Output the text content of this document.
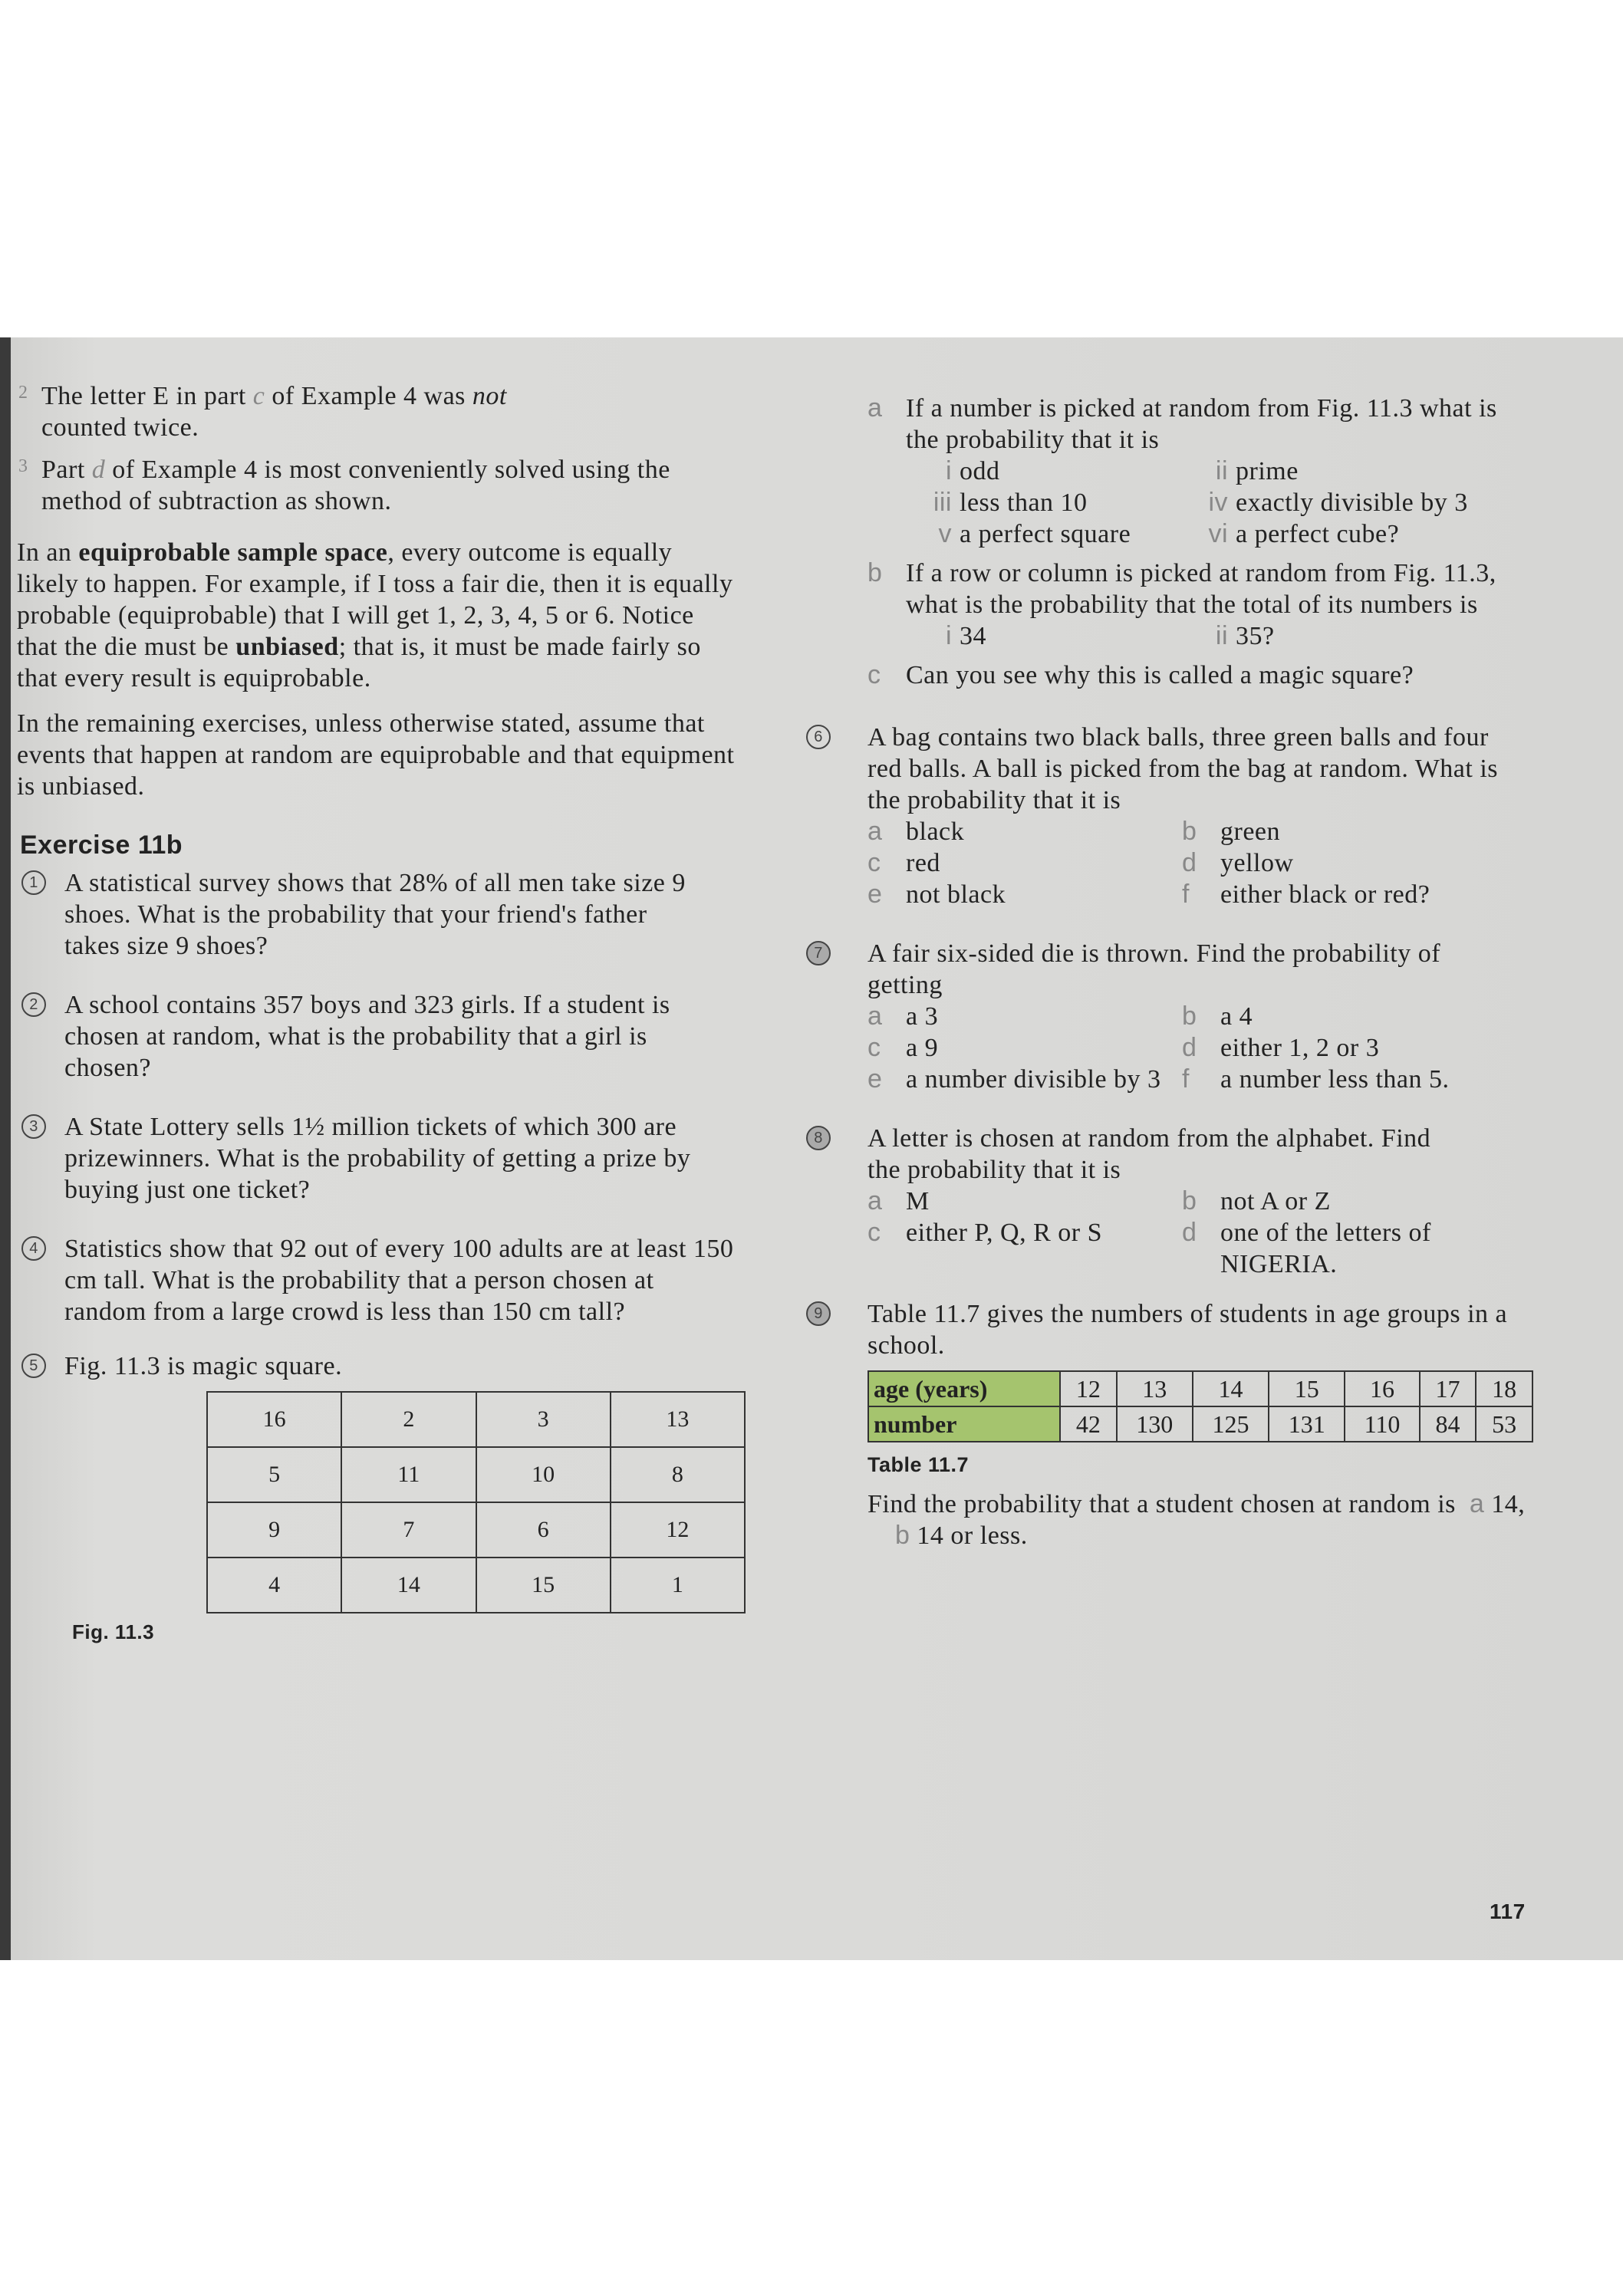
2 The letter E in part c of Example 4 was not
counted twice.
3 Part d of Example 4 is most conveniently solved using the method of subtraction as shown.
In an equiprobable sample space, every outcome is equally likely to happen. For example, if I toss a fair die, then it is equally probable (equiprobable) that I will get 1, 2, 3, 4, 5 or 6. Notice that the die must be unbiased; that is, it must be made fairly so that every result is equiprobable.
In the remaining exercises, unless otherwise stated, assume that events that happen at random are equiprobable and that equipment is unbiased.
Exercise 11b
1 A statistical survey shows that 28% of all men take size 9 shoes. What is the probability that your friend's father takes size 9 shoes?
2 A school contains 357 boys and 323 girls. If a student is chosen at random, what is the probability that a girl is chosen?
3 A State Lottery sells 1½ million tickets of which 300 are prizewinners. What is the probability of getting a prize by buying just one ticket?
4 Statistics show that 92 out of every 100 adults are at least 150 cm tall. What is the probability that a person chosen at random from a large crowd is less than 150 cm tall?
5 Fig. 11.3 is magic square.
16	2	3	13
5	11	10	8
9	7	6	12
4	14	15	1
Fig. 11.3
a If a number is picked at random from Fig. 11.3 what is the probability that it is
i odd	ii prime
iii less than 10	iv exactly divisible by 3
v a perfect square	vi a perfect cube?
b If a row or column is picked at random from Fig. 11.3, what is the probability that the total of its numbers is
i 34	ii 35?
c Can you see why this is called a magic square?
6 A bag contains two black balls, three green balls and four red balls. A ball is picked from the bag at random. What is the probability that it is
a black	b green
c red	d yellow
e not black	f	either black or red?
7 A fair six-sided die is thrown. Find the probability of getting
a a 3	b a 4
c a 9	d either 1, 2 or 3
e a number divisible by 3 f	a number less than 5.
8 A letter is chosen at random from the alphabet. Find the probability that it is
a M	b not A or Z
c either P, Q, R or S	d one of the letters of NIGERIA.
9 Table 11.7 gives the numbers of students in age groups in a school.
age (years)	12	13	14	15	16	17	18
number	42	130	125	131	110	84	53
Table 11.7
Find the probability that a student chosen at random is a 14,     b 14 or less.
117
